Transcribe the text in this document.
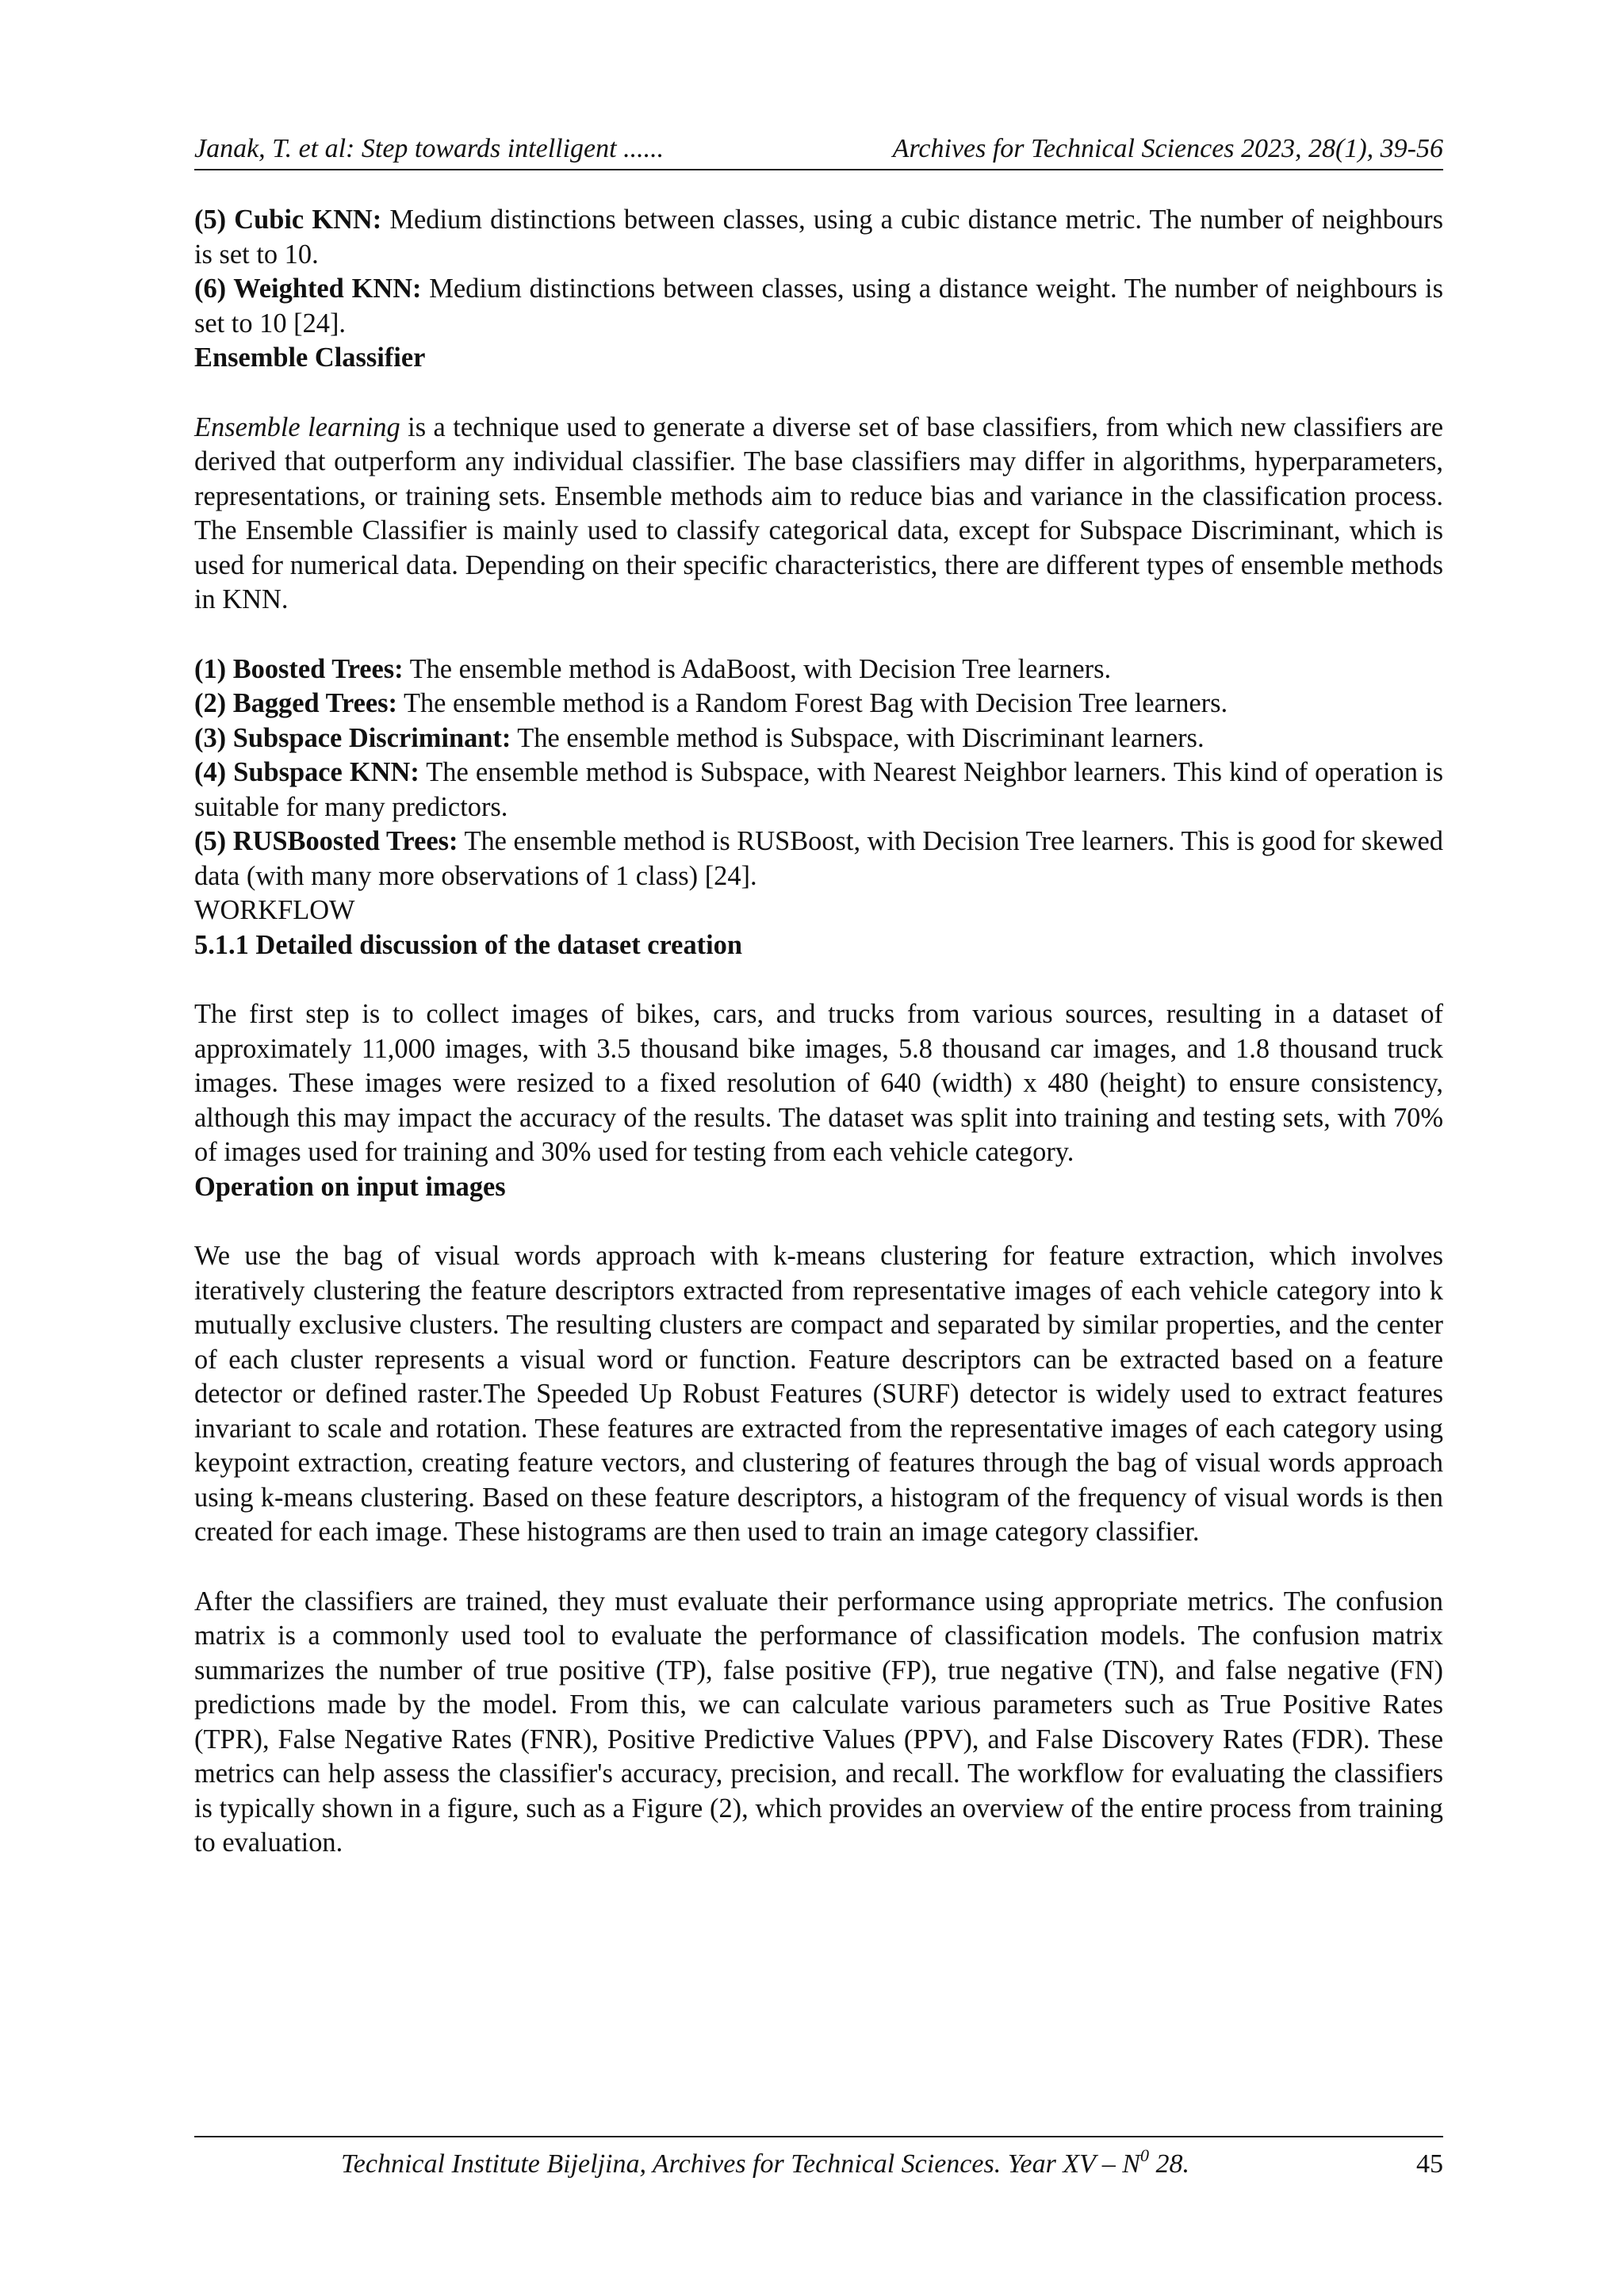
Janak, T. et al: Step towards intelligent ......	Archives for Technical Sciences 2023, 28(1), 39-56

(5) Cubic KNN: Medium distinctions between classes, using a cubic distance metric. The number of neighbours is set to 10.

(6) Weighted KNN: Medium distinctions between classes, using a distance weight. The number of neighbours is set to 10 [24].

Ensemble Classifier

Ensemble learning is a technique used to generate a diverse set of base classifiers, from which new classifiers are derived that outperform any individual classifier. The base classifiers may differ in algorithms, hyperparameters, representations, or training sets. Ensemble methods aim to reduce bias and variance in the classification process. The Ensemble Classifier is mainly used to classify categorical data, except for Subspace Discriminant, which is used for numerical data. Depending on their specific characteristics, there are different types of ensemble methods in KNN.

(1) Boosted Trees: The ensemble method is AdaBoost, with Decision Tree learners.

(2) Bagged Trees: The ensemble method is a Random Forest Bag with Decision Tree learners.

(3) Subspace Discriminant: The ensemble method is Subspace, with Discriminant learners.

(4) Subspace KNN: The ensemble method is Subspace, with Nearest Neighbor learners. This kind of operation is suitable for many predictors.

(5) RUSBoosted Trees: The ensemble method is RUSBoost, with Decision Tree learners. This is good for skewed data (with many more observations of 1 class) [24].

WORKFLOW

5.1.1 Detailed discussion of the dataset creation

The first step is to collect images of bikes, cars, and trucks from various sources, resulting in a dataset of approximately 11,000 images, with 3.5 thousand bike images, 5.8 thousand car images, and 1.8 thousand truck images. These images were resized to a fixed resolution of 640 (width) x 480 (height) to ensure consistency, although this may impact the accuracy of the results. The dataset was split into training and testing sets, with 70% of images used for training and 30% used for testing from each vehicle category.

Operation on input images

We use the bag of visual words approach with k-means clustering for feature extraction, which involves iteratively clustering the feature descriptors extracted from representative images of each vehicle category into k mutually exclusive clusters. The resulting clusters are compact and separated by similar properties, and the center of each cluster represents a visual word or function. Feature descriptors can be extracted based on a feature detector or defined raster.The Speeded Up Robust Features (SURF) detector is widely used to extract features invariant to scale and rotation. These features are extracted from the representative images of each category using keypoint extraction, creating feature vectors, and clustering of features through the bag of visual words approach using k-means clustering. Based on these feature descriptors, a histogram of the frequency of visual words is then created for each image. These histograms are then used to train an image category classifier.

After the classifiers are trained, they must evaluate their performance using appropriate metrics. The confusion matrix is a commonly used tool to evaluate the performance of classification models. The confusion matrix summarizes the number of true positive (TP), false positive (FP), true negative (TN), and false negative (FN) predictions made by the model. From this, we can calculate various parameters such as True Positive Rates (TPR), False Negative Rates (FNR), Positive Predictive Values (PPV), and False Discovery Rates (FDR). These metrics can help assess the classifier's accuracy, precision, and recall. The workflow for evaluating the classifiers is typically shown in a figure, such as a Figure (2), which provides an overview of the entire process from training to evaluation.

Technical Institute Bijeljina, Archives for Technical Sciences. Year XV – $N^0$ 28.	45
